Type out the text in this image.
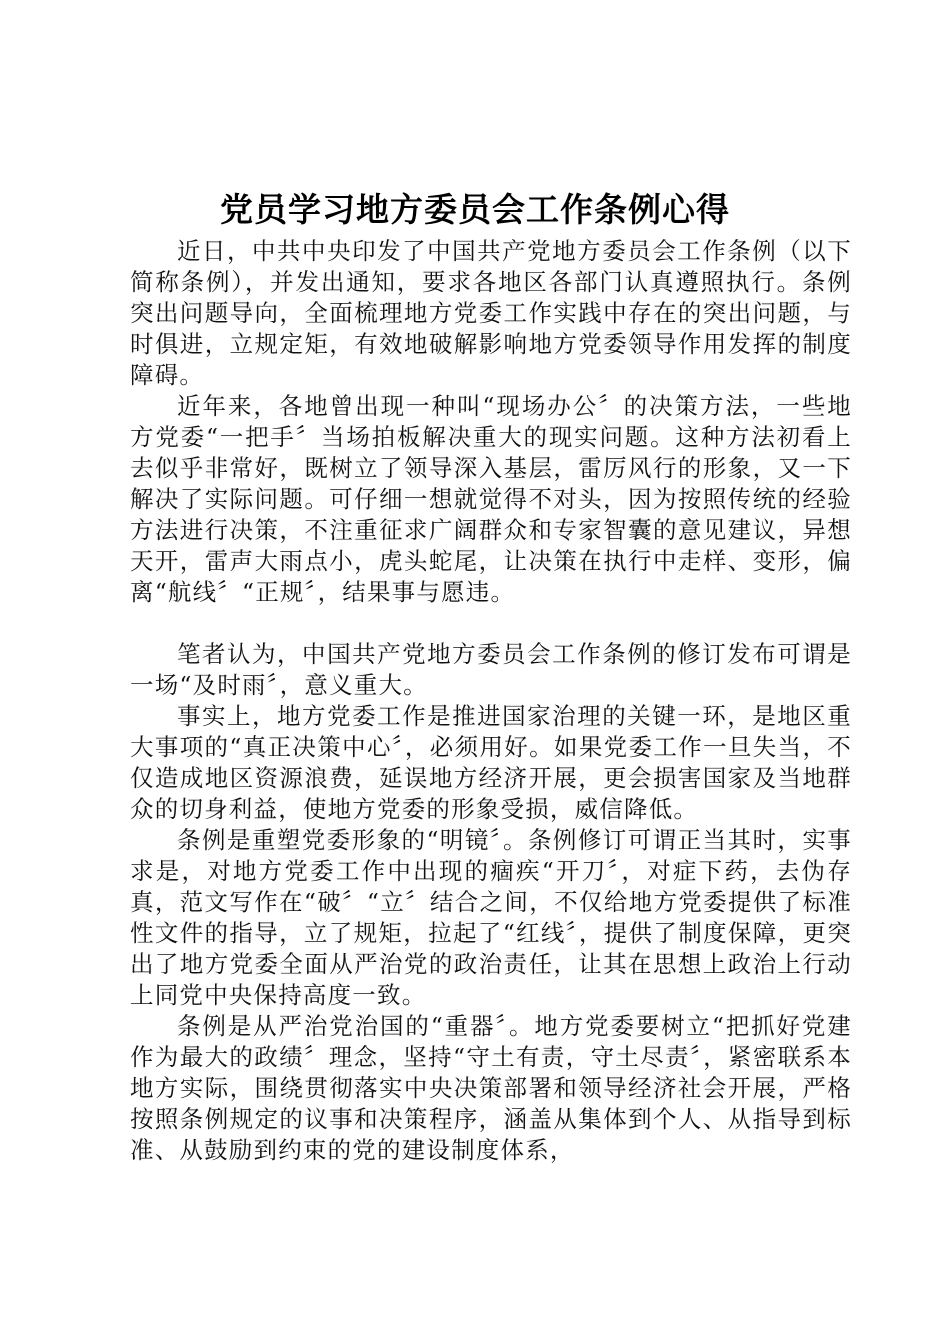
党员学习地方委员会工作条例心得

近日，中共中央印发了中国共产党地方委员会工作条例（以下简称条例），并发出通知，要求各地区各部门认真遵照执行。条例突出问题导向，全面梳理地方党委工作实践中存在的突出问题，与时俱进，立规定矩，有效地破解影响地方党委领导作用发挥的制度障碍。

近年来，各地曾出现一种叫“现场办公〞的决策方法，一些地方党委“一把手〞当场拍板解决重大的现实问题。这种方法初看上去似乎非常好，既树立了领导深入基层，雷厉风行的形象，又一下解决了实际问题。可仔细一想就觉得不对头，因为按照传统的经验方法进行决策，不注重征求广阔群众和专家智囊的意见建议，异想天开，雷声大雨点小，虎头蛇尾，让决策在执行中走样、变形，偏离“航线〞“正规〞，结果事与愿违。

笔者认为，中国共产党地方委员会工作条例的修订发布可谓是一场“及时雨〞，意义重大。

事实上，地方党委工作是推进国家治理的关键一环，是地区重大事项的“真正决策中心〞，必须用好。如果党委工作一旦失当，不仅造成地区资源浪费，延误地方经济开展，更会损害国家及当地群众的切身利益，使地方党委的形象受损，威信降低。

条例是重塑党委形象的“明镜〞。条例修订可谓正当其时，实事求是，对地方党委工作中出现的痼疾“开刀〞，对症下药，去伪存真，范文写作在“破〞“立〞结合之间，不仅给地方党委提供了标准性文件的指导，立了规矩，拉起了“红线〞，提供了制度保障，更突出了地方党委全面从严治党的政治责任，让其在思想上政治上行动上同党中央保持高度一致。

条例是从严治党治国的“重器〞。地方党委要树立“把抓好党建作为最大的政绩〞理念，坚持“守土有责，守土尽责〞，紧密联系本地方实际，围绕贯彻落实中央决策部署和领导经济社会开展，严格按照条例规定的议事和决策程序，涵盖从集体到个人、从指导到标准、从鼓励到约束的党的建设制度体系，
